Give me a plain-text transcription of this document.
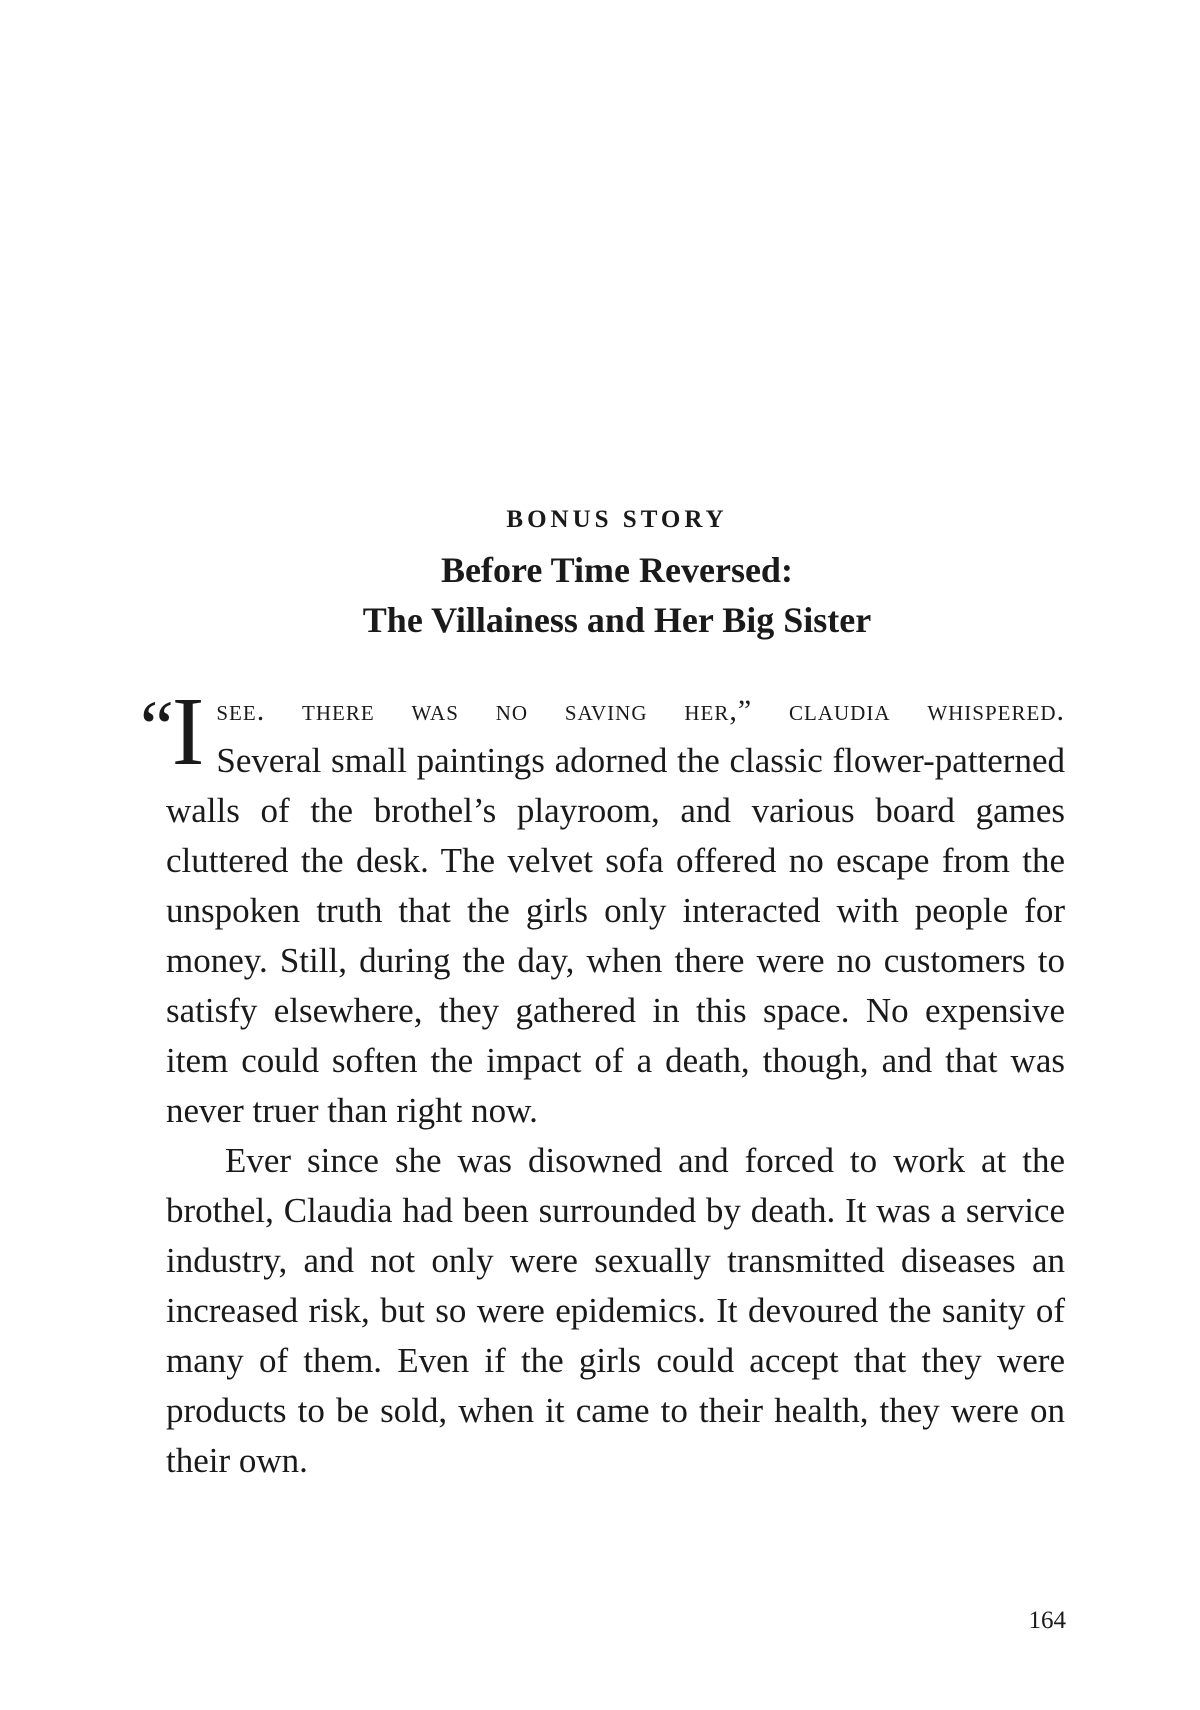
BONUS STORY

Before Time Reversed:
The Villainess and Her Big Sister

“
I see. there was no saving her,” claudia whispered.

Several small paintings adorned the classic flower-patterned walls of the brothel’s playroom, and various board games cluttered the desk. The velvet sofa offered no escape from the unspoken truth that the girls only interacted with people for money. Still, during the day, when there were no customers to satisfy elsewhere, they gathered in this space. No expensive item could soften the impact of a death, though, and that was never truer than right now.

Ever since she was disowned and forced to work at the brothel, Claudia had been surrounded by death. It was a service industry, and not only were sexually transmitted diseases an increased risk, but so were epidemics. It devoured the sanity of many of them. Even if the girls could accept that they were products to be sold, when it came to their health, they were on their own.

164
